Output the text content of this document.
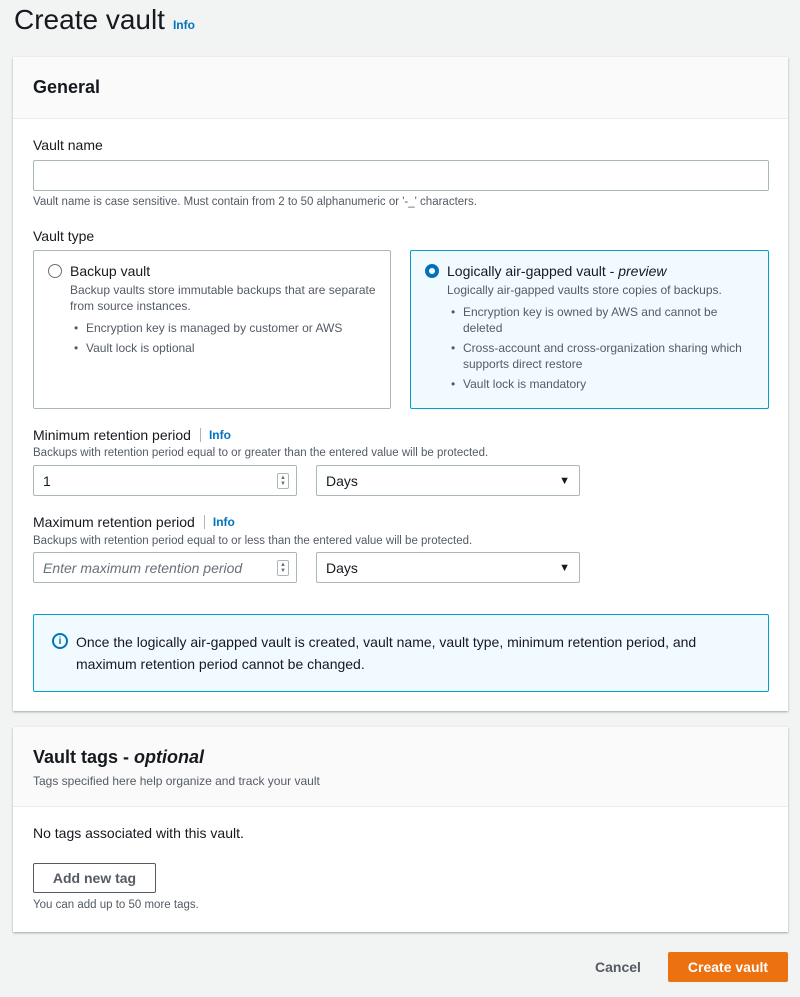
Create vault Info
General
Vault name
Vault name is case sensitive. Must contain from 2 to 50 alphanumeric or '-_' characters.
Vault type
Backup vault
Backup vaults store immutable backups that are separate from source instances.
• Encryption key is managed by customer or AWS
• Vault lock is optional
Logically air-gapped vault - preview
Logically air-gapped vaults store copies of backups.
• Encryption key is owned by AWS and cannot be deleted
• Cross-account and cross-organization sharing which supports direct restore
• Vault lock is mandatory
Minimum retention period Info
Backups with retention period equal to or greater than the entered value will be protected.
1
▲
▼	Days	▼
Maximum retention period Info
Backups with retention period equal to or less than the entered value will be protected.
Enter maximum retention period
▲
▼	Days	▼
i	Once the logically air-gapped vault is created, vault name, vault type, minimum retention period, and maximum retention period cannot be changed.
Vault tags - optional
Tags specified here help organize and track your vault
No tags associated with this vault.
Add new tag
You can add up to 50 more tags.
Cancel	Create vault
